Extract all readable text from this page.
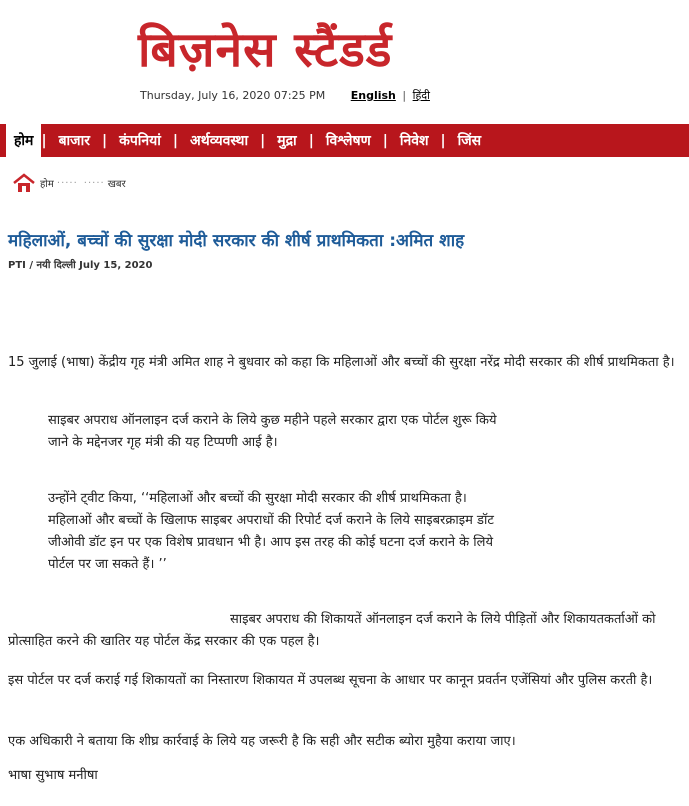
बिज़नेस स्टैंडर्ड
Thursday, July 16, 2020 07:25 PM English | हिंदी
होम | बाजार | कंपनियां | अर्थव्यवस्था | मुद्रा | विश्लेषण | निवेश | जिंस
होम ····· ····· खबर
महिलाओं, बच्चों की सुरक्षा मोदी सरकार की शीर्ष प्राथमिकता :अमित शाह
PTI / नयी दिल्ली July 15, 2020

15 जुलाई (भाषा) केंद्रीय गृह मंत्री अमित शाह ने बुधवार को कहा कि महिलाओं और बच्चों की सुरक्षा नरेंद्र मोदी सरकार की शीर्ष प्राथमिकता है।

साइबर अपराध ऑनलाइन दर्ज कराने के लिये कुछ महीने पहले सरकार द्वारा एक पोर्टल शुरू किये जाने के मद्देनजर गृह मंत्री की यह टिप्पणी आई है।

उन्होंने ट्वीट किया, ‘‘महिलाओं और बच्चों की सुरक्षा मोदी सरकार की शीर्ष प्राथमिकता है। महिलाओं और बच्चों के खिलाफ साइबर अपराधों की रिपोर्ट दर्ज कराने के लिये साइबरक्राइम डॉट जीओवी डॉट इन पर एक विशेष प्रावधान भी है। आप इस तरह की कोई घटना दर्ज कराने के लिये पोर्टल पर जा सकते हैं। ’’

साइबर अपराध की शिकायतें ऑनलाइन दर्ज कराने के लिये पीड़ितों और शिकायतकर्ताओं को प्रोत्साहित करने की खातिर यह पोर्टल केंद्र सरकार की एक पहल है।

इस पोर्टल पर दर्ज कराई गई शिकायतों का निस्तारण शिकायत में उपलब्ध सूचना के आधार पर कानून प्रवर्तन एजेंसियां और पुलिस करती है।

एक अधिकारी ने बताया कि शीघ्र कार्रवाई के लिये यह जरूरी है कि सही और सटीक ब्योरा मुहैया कराया जाए।

भाषा सुभाष मनीषा
